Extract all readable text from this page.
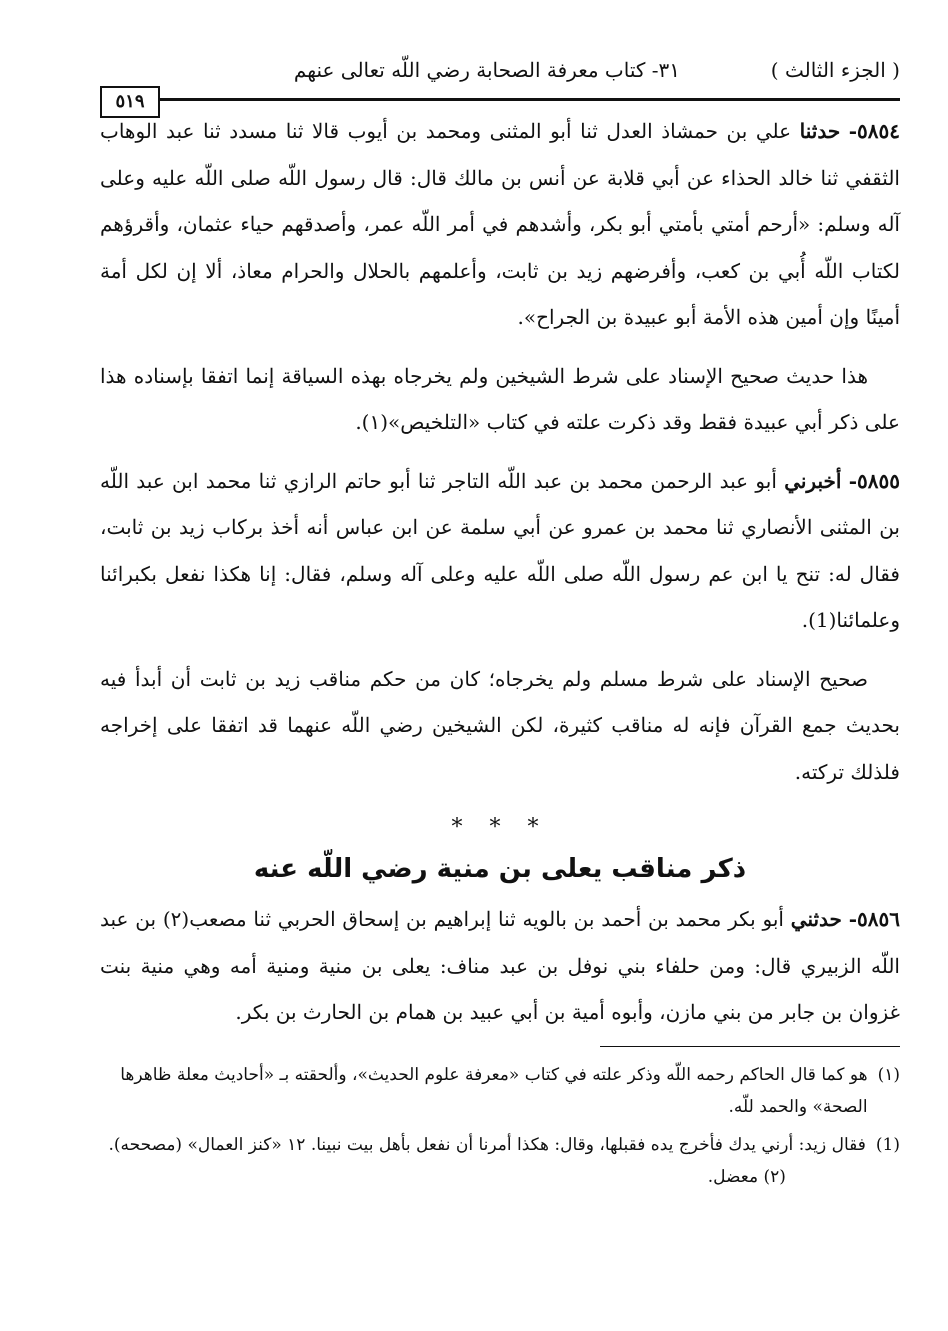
( الجزء الثالث )
٣١- كتاب معرفة الصحابة رضي اللّه تعالى عنهم
٥١٩

٥٨٥٤- حدثنا علي بن حمشاذ العدل ثنا أبو المثنى ومحمد بن أيوب قالا ثنا مسدد ثنا عبد الوهاب الثقفي ثنا خالد الحذاء عن أبي قلابة عن أنس بن مالك قال: قال رسول اللّه صلى اللّه عليه وعلى آله وسلم: «أرحم أمتي بأمتي أبو بكر، وأشدهم في أمر اللّه عمر، وأصدقهم حياء عثمان، وأقرؤهم لكتاب اللّه أُبي بن كعب، وأفرضهم زيد بن ثابت، وأعلمهم بالحلال والحرام معاذ، ألا إن لكل أمة أمينًا وإن أمين هذه الأمة أبو عبيدة بن الجراح».

هذا حديث صحيح الإسناد على شرط الشيخين ولم يخرجاه بهذه السياقة إنما اتفقا بإسناده هذا على ذكر أبي عبيدة فقط وقد ذكرت علته في كتاب «التلخيص»(١).

٥٨٥٥- أخبرني أبو عبد الرحمن محمد بن عبد اللّه التاجر ثنا أبو حاتم الرازي ثنا محمد ابن عبد اللّه بن المثنى الأنصاري ثنا محمد بن عمرو عن أبي سلمة عن ابن عباس أنه أخذ بركاب زيد بن ثابت، فقال له: تنح يا ابن عم رسول اللّه صلى اللّه عليه وعلى آله وسلم، فقال: إنا هكذا نفعل بكبرائنا وعلمائنا(1).

صحيح الإسناد على شرط مسلم ولم يخرجاه؛ كان من حكم مناقب زيد بن ثابت أن أبدأ فيه بحديث جمع القرآن فإنه له مناقب كثيرة، لكن الشيخين رضي اللّه عنهما قد اتفقا على إخراجه فلذلك تركته.

* * *
ذكر مناقب يعلى بن منية رضي اللّه عنه

٥٨٥٦- حدثني أبو بكر محمد بن أحمد بن بالويه ثنا إبراهيم بن إسحاق الحربي ثنا مصعب(٢) بن عبد اللّه الزبيري قال: ومن حلفاء بني نوفل بن عبد مناف: يعلى بن منية ومنية أمه وهي منية بنت غزوان بن جابر من بني مازن، وأبوه أمية بن أبي عبيد بن همام بن الحارث بن بكر.

(١)
هو كما قال الحاكم رحمه اللّه وذكر علته في كتاب «معرفة علوم الحديث»، وألحقته بـ «أحاديث معلة ظاهرها الصحة» والحمد للّه.
(1)
فقال زيد: أرني يدك فأخرج يده فقبلها، وقال: هكذا أمرنا أن نفعل بأهل بيت نبينا. ١٢ «كنز العمال» (مصححه). (٢) معضل.
